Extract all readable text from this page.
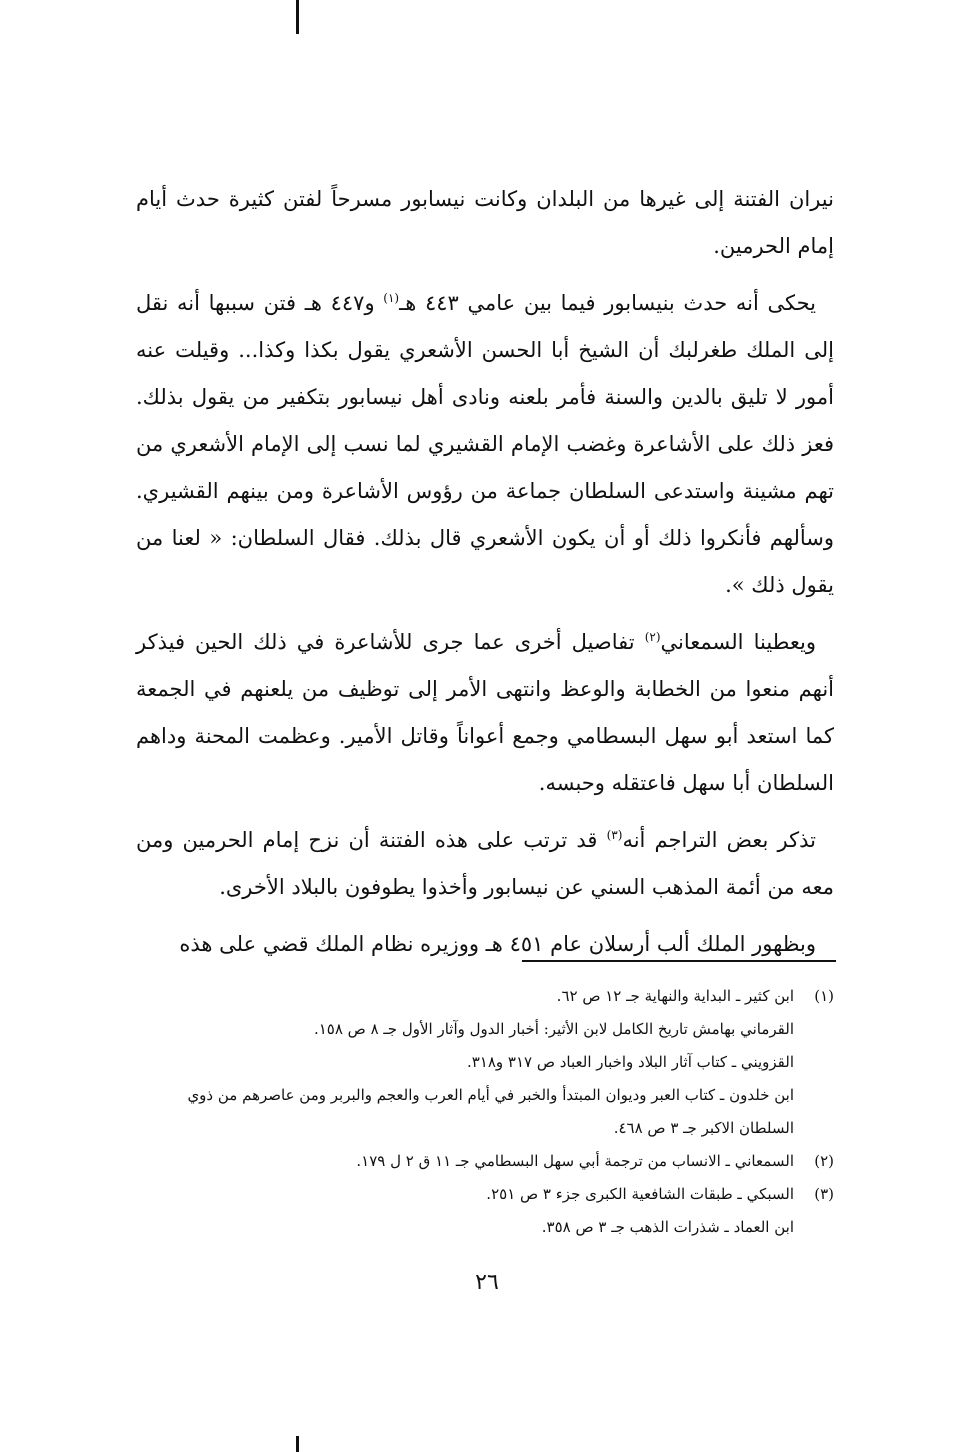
نيران الفتنة إلى غيرها من البلدان وكانت نيسابور مسرحاً لفتن كثيرة حدث أيام إمام الحرمين.

يحكى أنه حدث بنيسابور فيما بين عامي ٤٤٣ هـ$^{(١)}$ و٤٤٧ هـ فتن سببها أنه نقل إلى الملك طغرلبك أن الشيخ أبا الحسن الأشعري يقول بكذا وكذا... وقيلت عنه أمور لا تليق بالدين والسنة فأمر بلعنه ونادى أهل نيسابور بتكفير من يقول بذلك. فعز ذلك على الأشاعرة وغضب الإمام القشيري لما نسب إلى الإمام الأشعري من تهم مشينة واستدعى السلطان جماعة من رؤوس الأشاعرة ومن بينهم القشيري. وسألهم فأنكروا ذلك أو أن يكون الأشعري قال بذلك. فقال السلطان: « لعنا من يقول ذلك ».

ويعطينا السمعاني$^{(٢)}$ تفاصيل أخرى عما جرى للأشاعرة في ذلك الحين فيذكر أنهم منعوا من الخطابة والوعظ وانتهى الأمر إلى توظيف من يلعنهم في الجمعة كما استعد أبو سهل البسطامي وجمع أعواناً وقاتل الأمير. وعظمت المحنة وداهم السلطان أبا سهل فاعتقله وحبسه.

تذكر بعض التراجم أنه$^{(٣)}$ قد ترتب على هذه الفتنة أن نزح إمام الحرمين ومن معه من أئمة المذهب السني عن نيسابور وأخذوا يطوفون بالبلاد الأخرى.

وبظهور الملك ألب أرسلان عام ٤٥١ هـ ووزيره نظام الملك قضي على هذه

(١)
ابن كثير ـ البداية والنهاية جـ ١٢ ص ٦٢.
القرماني بهامش تاريخ الكامل لابن الأثير: أخبار الدول وآثار الأول جـ ٨ ص ١٥٨.
القزويني ـ كتاب آثار البلاد واخبار العباد ص ٣١٧ و٣١٨.
ابن خلدون ـ كتاب العبر وديوان المبتدأ والخبر في أيام العرب والعجم والبربر ومن عاصرهم من ذوي السلطان الاكبر جـ ٣ ص ٤٦٨.
(٢)
السمعاني ـ الانساب من ترجمة أبي سهل البسطامي جـ ١١ ق ٢ ل ١٧٩.
(٣)
السبكي ـ طبقات الشافعية الكبرى جزء ٣ ص ٢٥١.
ابن العماد ـ شذرات الذهب جـ ٣ ص ٣٥٨.
٢٦
